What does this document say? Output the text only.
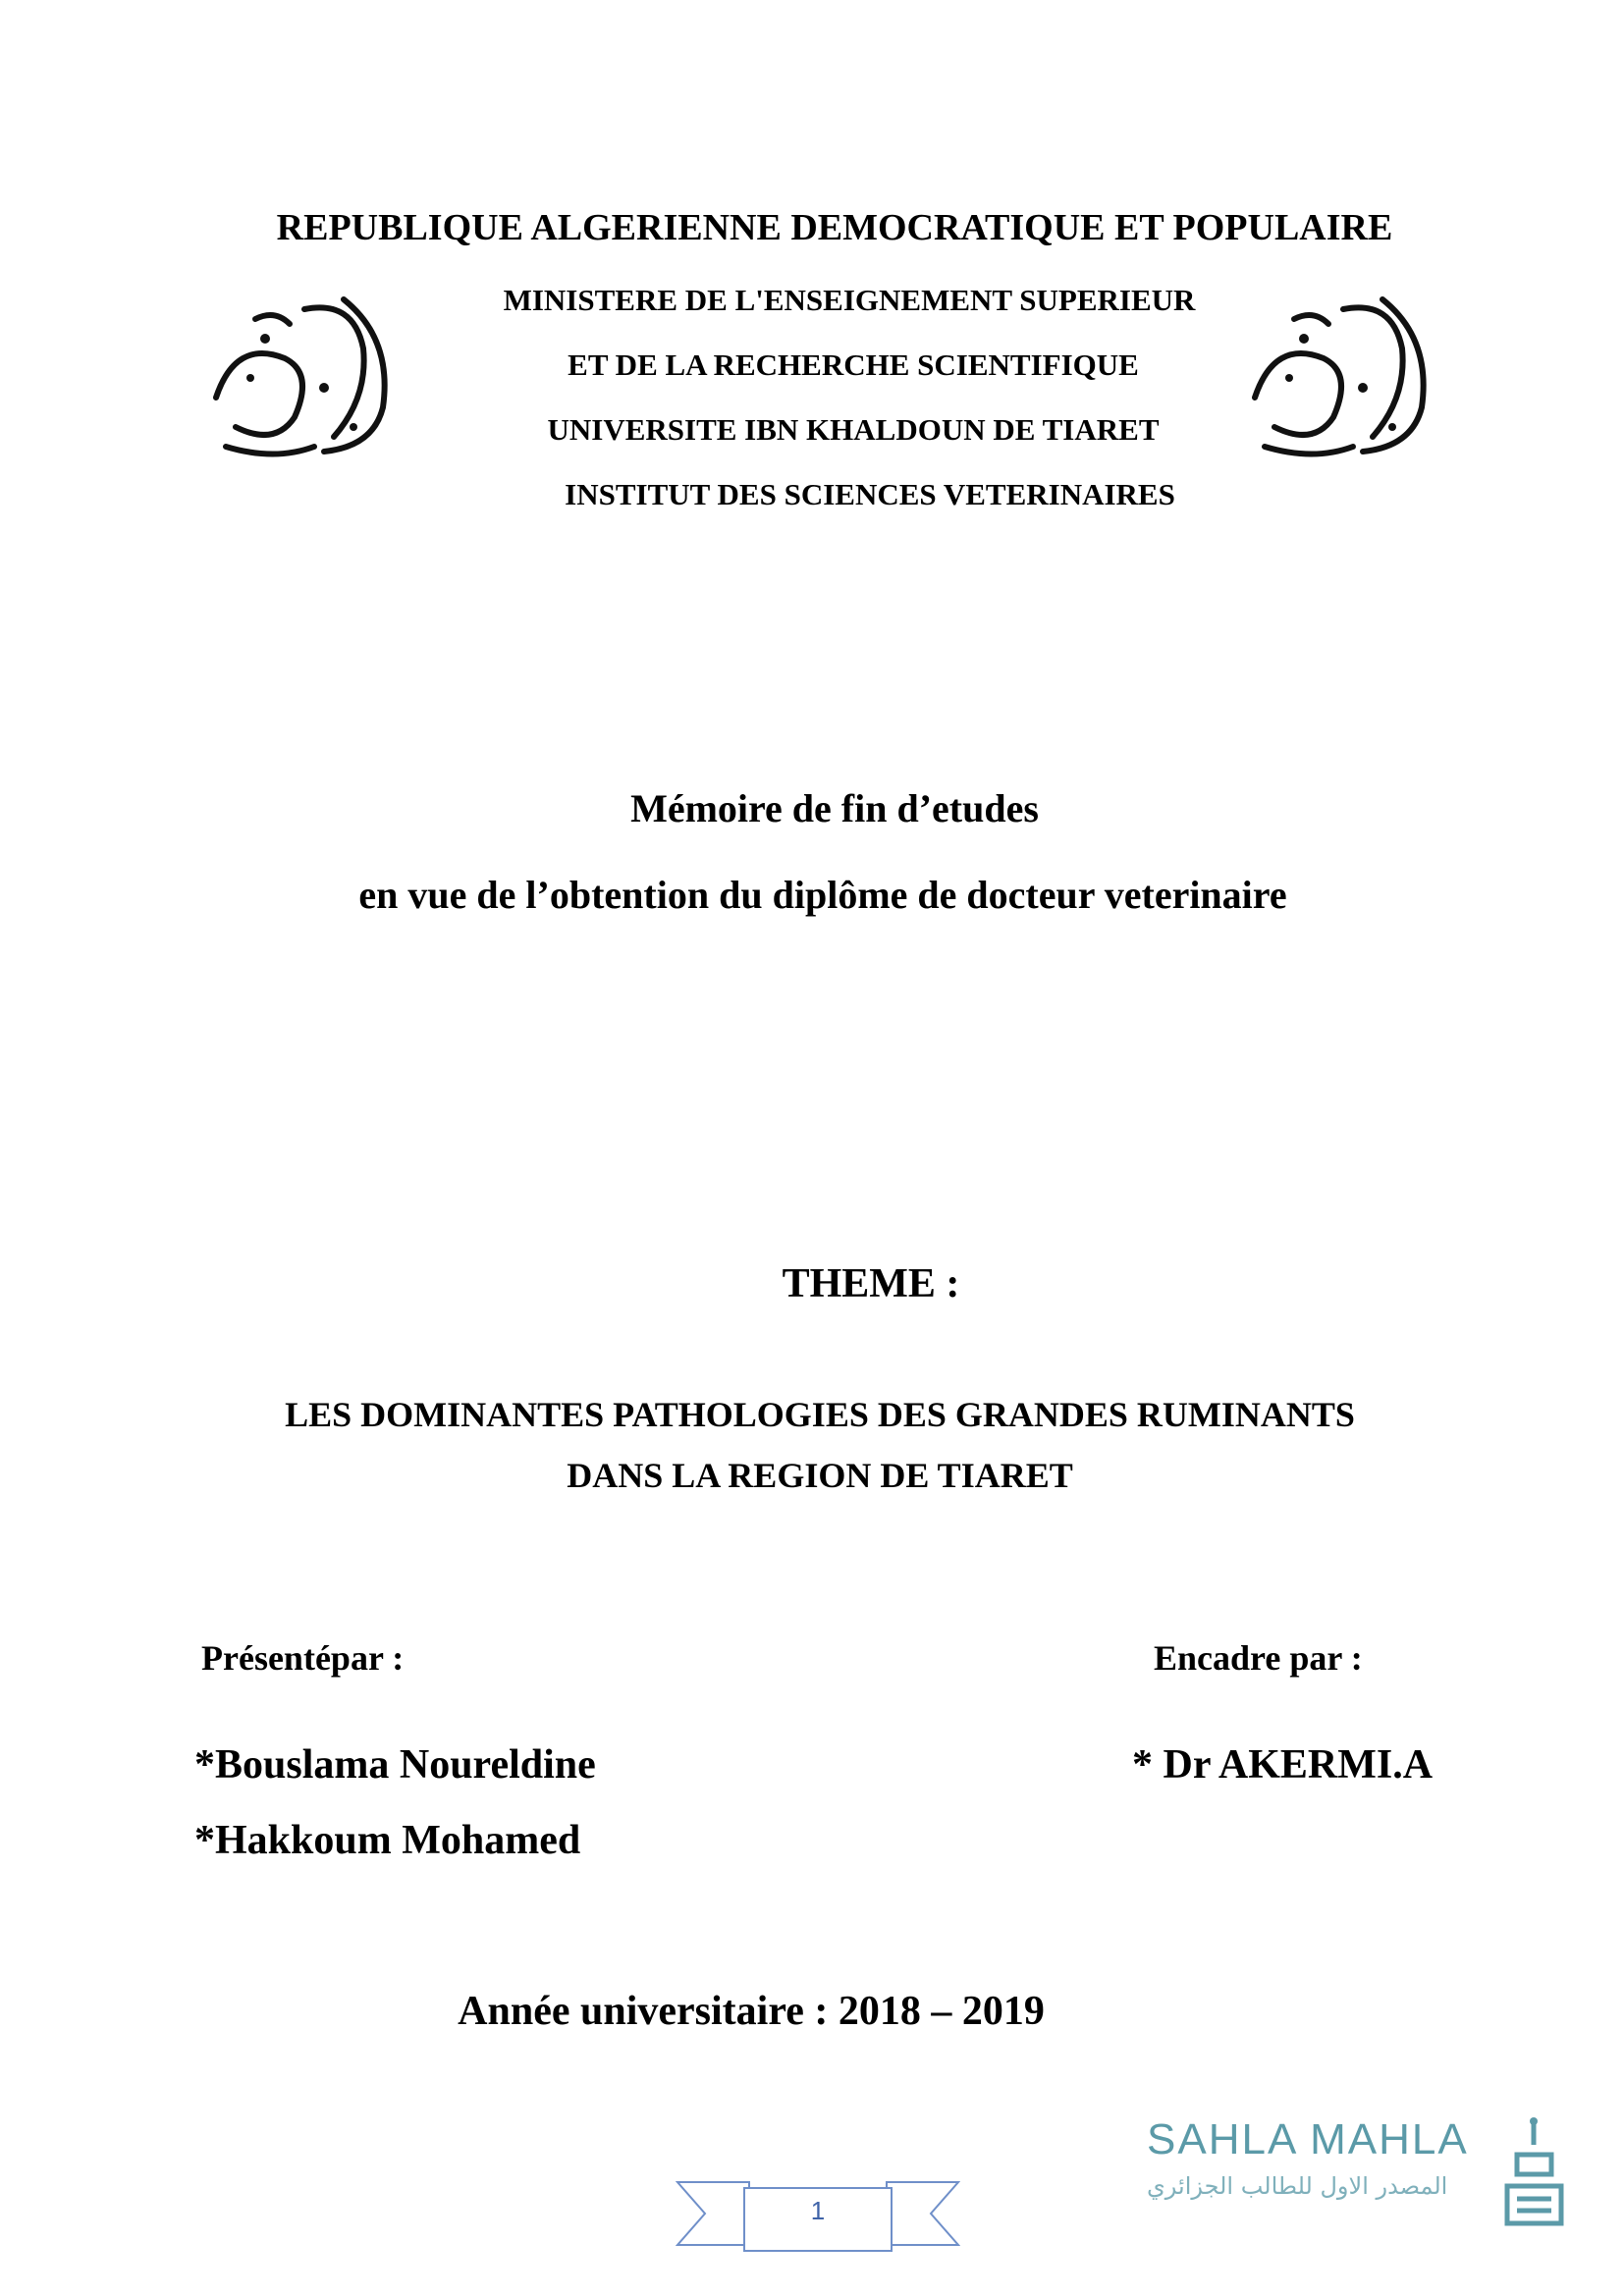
REPUBLIQUE ALGERIENNE DEMOCRATIQUE ET POPULAIRE
MINISTERE DE L'ENSEIGNEMENT SUPERIEUR
ET DE LA RECHERCHE SCIENTIFIQUE
UNIVERSITE IBN KHALDOUN DE TIARET
INSTITUT DES SCIENCES VETERINAIRES
Mémoire de fin d’etudes
en vue de l’obtention du diplôme de docteur veterinaire
THEME :
LES DOMINANTES PATHOLOGIES DES GRANDES RUMINANTS
DANS LA REGION DE TIARET
Présentépar :	Encadre par :
*Bouslama Noureldine
*Hakkoum Mohamed
* Dr AKERMI.A
Année universitaire : 2018 – 2019
1
SAHLA MAHLA
المصدر الاول للطالب الجزائري
